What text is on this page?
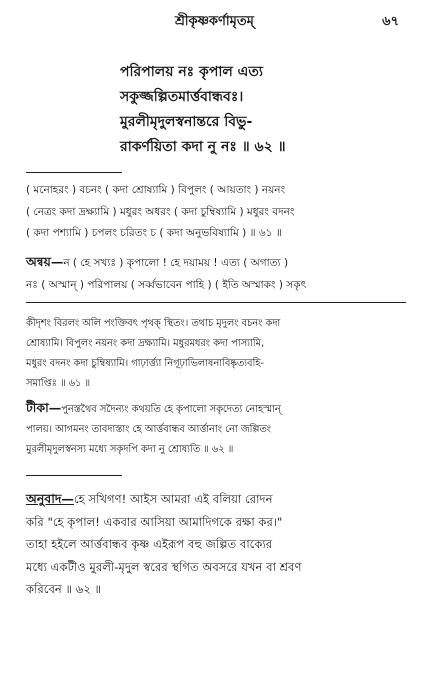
শ্রীকৃষ্ণকর্ণামৃতম্	৬৭
পরিপালয় নঃ কৃপাল এত্য
সকুজ্জল্পিতমার্ত্তবান্ধবঃ।
মুরলীমৃদুলস্বনান্তরে বিভু-
রাকর্ণয়িতা কদা নু নঃ ॥ ৬২ ॥
( মনোহরং ) বচনং ( কদা শ্রোষ্যামি ) বিপুলং ( আয়তাং ) নয়নং
( নেত্রং কদা দ্রক্ষ্যামি ) মধুরং অধরং ( কদা চুম্বিষ্যামি ) মধুরং বদনং
( কদা পশ্যামি ) চপলং চরিতং চ ( কদা অনুভবিষ্যামি ) ॥ ৬১ ॥
অন্বয়—ন ( হে সখ্যঃ ) কৃপালো ! হে দয়াময় ! এত্য ( অগাত্য )
নঃ ( অস্মান্ ) পরিপালয় ( সর্ব্বভাবেন পাহি ) ( ইতি অস্মাকং ) সকৃৎ
কীদৃশং বিরলং অলি পংক্তিবৎ পৃথক্ স্থিতং। তথাচ মৃদুলং বচনং কদা
শ্রোষ্যামি। বিপুলং নয়নং কদা দ্রক্ষ্যামি। মধুরমধরং কদা পাস্যামি,
মধুরং বদনং কদা চুম্বিষ্যামি। গাঢ়ার্ত্ত্যা নিগূঢ়াভিলাষনাবিষ্কৃত্যবহি-
সমাপ্তিঃ ॥ ৬১ ॥
টীকা—পুনস্তথৈব সদৈন্যং কথয়তি হে কৃপালো সকৃদেত্য নোহস্মান্
পালয়। আগমনং তাবদাস্তাং হে আর্ত্তবান্ধব আর্ত্তানাং নো জল্পিতং
মুরলীমৃদুলস্বনস্য মধ্যে সকৃদপি কদা নু শ্রোষ্যতি ॥ ৬২ ॥
অনুবাদ—হে সখিগণ! আইস আমরা এই বলিয়া রোদন
করি "হে কৃপাল! একবার আসিয়া আমাদিগকে রক্ষা কর।"
তাহা হইলে আর্ত্তবান্ধব কৃষ্ণ এইরূপ বহু জল্পিত বাক্যের
মধ্যে একটীও মুরলী-মৃদুল স্বরের স্থগিত অবসরে যখন বা শ্রবণ
করিবেন ॥ ৬২ ॥
